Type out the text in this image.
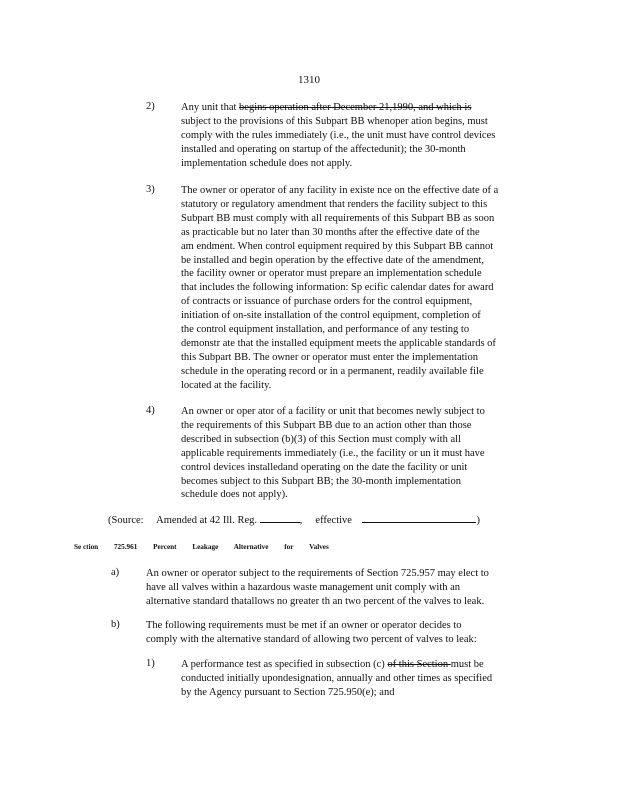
1310
2)	Any unit that begins operation after December 21,1990, and which is
subject to the provisions of this Subpart BB whenoper ation begins, must
comply with the rules immediately (i.e., the unit must have control devices
installed and operating on startup of the affectedunit); the 30-month
implementation schedule does not apply.
3)	The owner or operator of any facility in existe nce on the effective date of a
statutory or regulatory amendment that renders the facility subject to this
Subpart BB must comply with all requirements of this Subpart BB as soon
as practicable but no later than 30 months after the effective date of the
am endment. When control equipment required by this Subpart BB cannot
be installed and begin operation by the effective date of the amendment,
the facility owner or operator must prepare an implementation schedule
that includes the following information: Sp ecific calendar dates for award
of contracts or issuance of purchase orders for the control equipment,
initiation of on-site installation of the control equipment, completion of
the control equipment installation, and performance of any testing to
demonstr ate that the installed equipment meets the applicable standards of
this Subpart BB. The owner or operator must enter the implementation
schedule in the operating record or in a permanent, readily available file
located at the facility.
4)	An owner or oper ator of a facility or unit that becomes newly subject to
the requirements of this Subpart BB due to an action other than those
described in subsection (b)(3) of this Section must comply with all
applicable requirements immediately (i.e., the facility or un it must have
control devices installedand operating on the date the facility or unit
becomes subject to this Subpart BB; the 30-month implementation
schedule does not apply).
(Source: Amended at 42 Ill. Reg.	, effective	)
Se ction 725.961 Percent Leakage Alternative for Valves
a)	An owner or operator subject to the requirements of Section 725.957 may elect to
have all valves within a hazardous waste management unit comply with an
alternative standard thatallows no greater th an two percent of the valves to leak.
b)	The following requirements must be met if an owner or operator decides to
comply with the alternative standard of allowing two percent of valves to leak:
1)	A performance test as specified in subsection (c) of this Section must be
conducted initially upondesignation, annually and other times as specified
by the Agency pursuant to Section 725.950(e); and
